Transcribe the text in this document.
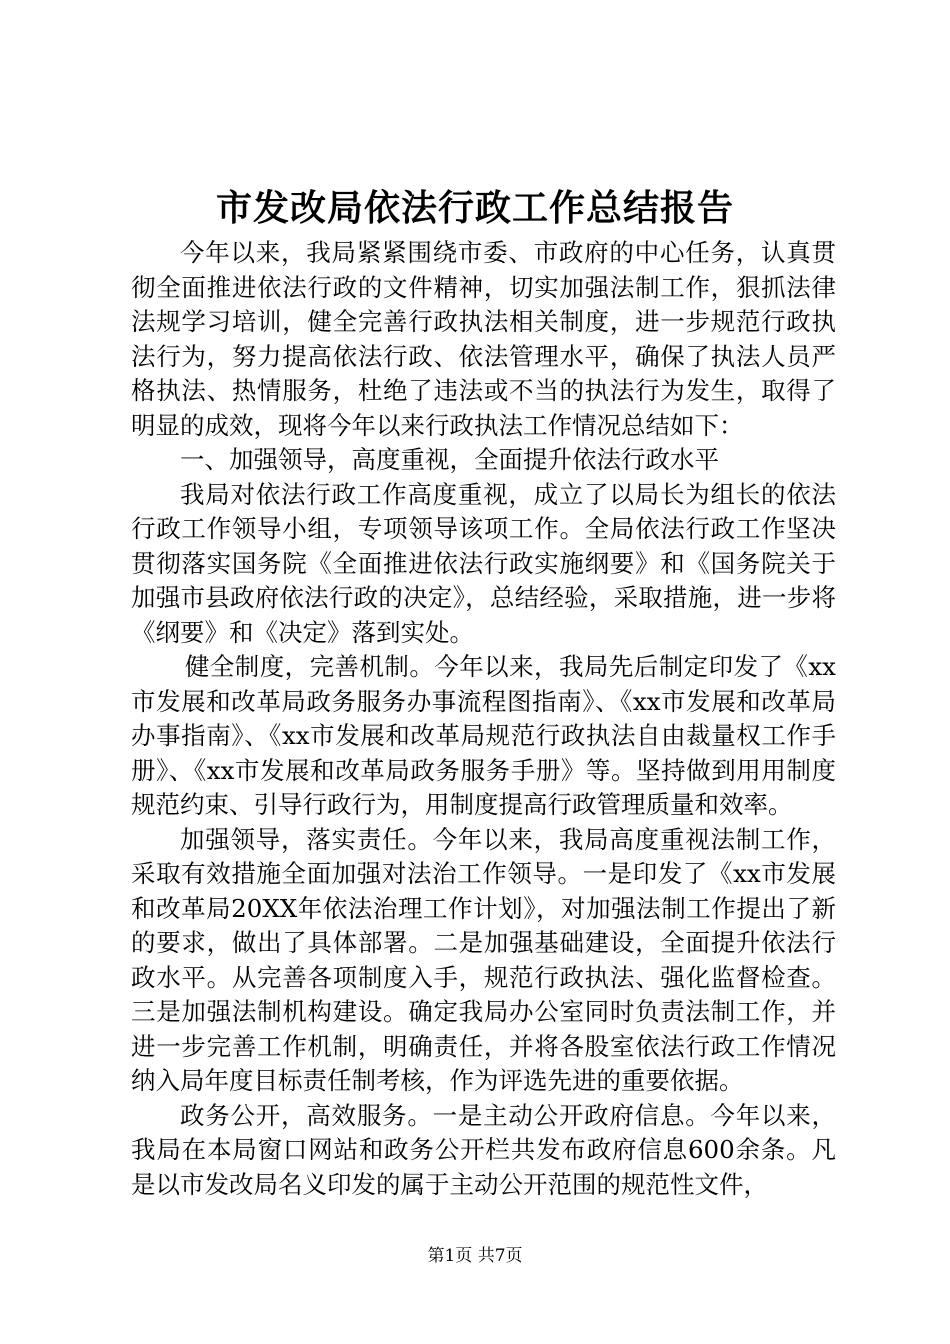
市发改局依法行政工作总结报告

今年以来，我局紧紧围绕市委、市政府的中心任务，认真贯彻全面推进依法行政的文件精神，切实加强法制工作，狠抓法律法规学习培训，健全完善行政执法相关制度，进一步规范行政执法行为，努力提高依法行政、依法管理水平，确保了执法人员严格执法、热情服务，杜绝了违法或不当的执法行为发生，取得了明显的成效，现将今年以来行政执法工作情况总结如下：

一、加强领导，高度重视，全面提升依法行政水平

我局对依法行政工作高度重视，成立了以局长为组长的依法行政工作领导小组，专项领导该项工作。全局依法行政工作坚决贯彻落实国务院《全面推进依法行政实施纲要》和《国务院关于加强市县政府依法行政的决定》，总结经验，采取措施，进一步将《纲要》和《决定》落到实处。

健全制度，完善机制。今年以来，我局先后制定印发了《xx市发展和改革局政务服务办事流程图指南》、《xx市发展和改革局办事指南》、《xx市发展和改革局规范行政执法自由裁量权工作手册》、《xx市发展和改革局政务服务手册》等。坚持做到用用制度规范约束、引导行政行为，用制度提高行政管理质量和效率。

加强领导，落实责任。今年以来，我局高度重视法制工作，采取有效措施全面加强对法治工作领导。一是印发了《xx市发展和改革局20XX年依法治理工作计划》，对加强法制工作提出了新的要求，做出了具体部署。二是加强基础建设，全面提升依法行政水平。从完善各项制度入手，规范行政执法、强化监督检查。三是加强法制机构建设。确定我局办公室同时负责法制工作，并进一步完善工作机制，明确责任，并将各股室依法行政工作情况纳入局年度目标责任制考核，作为评选先进的重要依据。

政务公开，高效服务。一是主动公开政府信息。今年以来，我局在本局窗口网站和政务公开栏共发布政府信息600余条。凡是以市发改局名义印发的属于主动公开范围的规范性文件，

第1页 共7页
